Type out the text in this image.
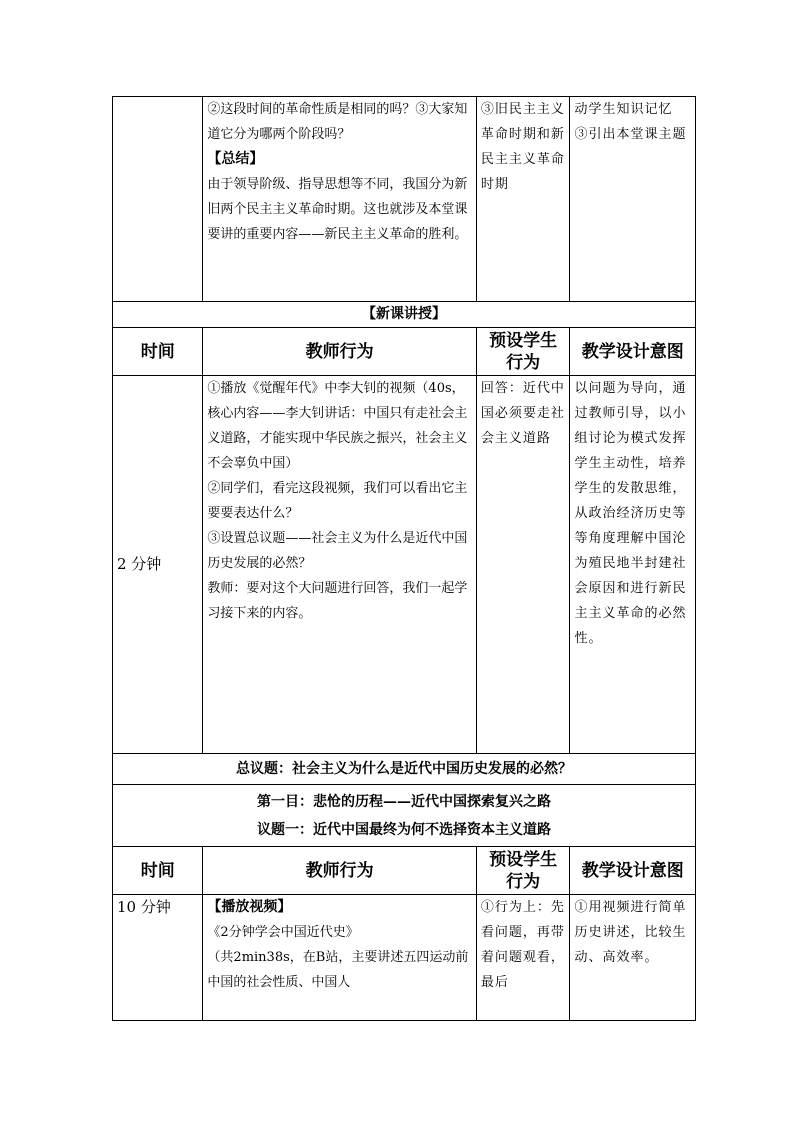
	②这段时间的革命性质是相同的吗？③大家知道它分为哪两个阶段吗？
【总结】
由于领导阶级、指导思想等不同，我国分为新旧两个民主主义革命时期。这也就涉及本堂课要讲的重要内容——新民主主义革命的胜利。	③旧民主主义革命时期和新民主主义革命时期	动学生知识记忆
③引出本堂课主题

【新课讲授】			
时间	教师行为	预设学生行为	教学设计意图
2 分钟	①播放《觉醒年代》中李大钊的视频（40s，核心内容——李大钊讲话：中国只有走社会主义道路，才能实现中华民族之振兴，社会主义不会辜负中国）
②同学们，看完这段视频，我们可以看出它主要要表达什么？
③设置总议题——社会主义为什么是近代中国历史发展的必然？
教师：要对这个大问题进行回答，我们一起学习接下来的内容。	回答：近代中国必须要走社会主义道路	以问题为导向，通过教师引导，以小组讨论为模式发挥学生主动性，培养学生的发散思维，从政治经济历史等等角度理解中国沦为殖民地半封建社会原因和进行新民主主义革命的必然性。

总议题：社会主义为什么是近代中国历史发展的必然？			

第一目：悲怆的历程——近代中国探索复兴之路
议题一：近代中国最终为何不选择资本主义道路			

时间	教师行为	预设学生行为	教学设计意图
10 分钟	【播放视频】
《2分钟学会中国近代史》
（共2min38s，在B站，主要讲述五四运动前中国的社会性质、中国人	①行为上：先看问题，再带着问题观看，最后	①用视频进行简单历史讲述，比较生动、高效率。
